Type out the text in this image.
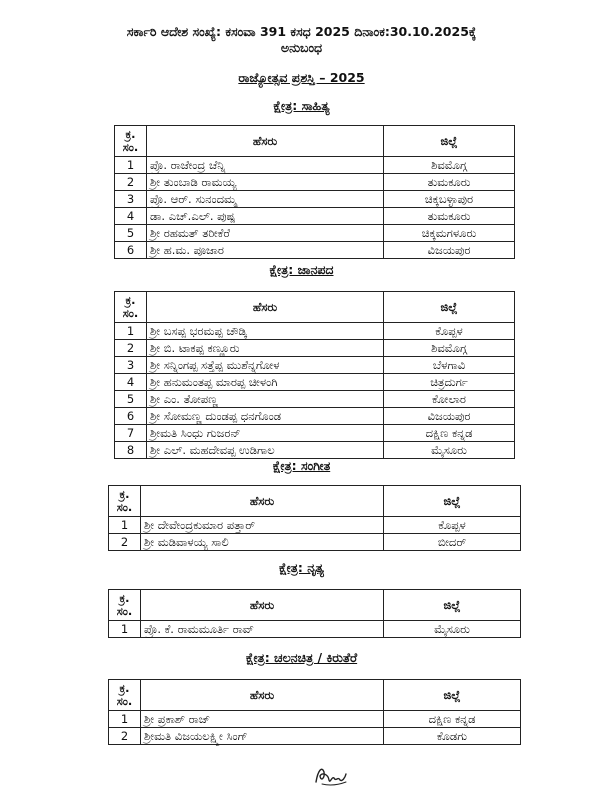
ಸರ್ಕಾರಿ ಆದೇಶ ಸಂಖ್ಯೆ: ಕಸಂವಾ 391 ಕಸಧ 2025 ದಿನಾಂಕ:30.10.2025ಕ್ಕೆ
ಅನುಬಂಧ
ರಾಜ್ಯೋತ್ಸವ ಪ್ರಶಸ್ತಿ – 2025
ಕ್ಷೇತ್ರ: ಸಾಹಿತ್ಯ
ಕ್ರ.
ಸಂ.	ಹೆಸರು	ಜಿಲ್ಲೆ
1	ಪ್ರೊ. ರಾಜೇಂದ್ರ ಚೆನ್ನಿ	ಶಿವಮೊಗ್ಗ
2	ಶ್ರೀ ತುಂಬಾಡಿ ರಾಮಯ್ಯ	ತುಮಕೂರು
3	ಪ್ರೊ. ಆರ್. ಸುನಂದಮ್ಮ	ಚಿಕ್ಕಬಳ್ಳಾಪುರ
4	ಡಾ. ಎಚ್.ಎಲ್. ಪುಷ್ಪ	ತುಮಕೂರು
5	ಶ್ರೀ ರಹಮತ್ ತರೀಕೆರೆ	ಚಿಕ್ಕಮಗಳೂರು
6	ಶ್ರೀ ಹ.ಮ. ಪೂಜಾರ	ವಿಜಯಪುರ
ಕ್ಷೇತ್ರ: ಜಾನಪದ
ಕ್ರ.
ಸಂ.	ಹೆಸರು	ಜಿಲ್ಲೆ
1	ಶ್ರೀ ಬಸಪ್ಪ ಭರಮಪ್ಪ ಚೌಡ್ಕಿ	ಕೊಪ್ಪಳ
2	ಶ್ರೀ ಬಿ. ಟಾಕಪ್ಪ ಕಣ್ಣೂರು	ಶಿವಮೊಗ್ಗ
3	ಶ್ರೀ ಸನ್ನಿಂಗಪ್ಪ ಸತ್ತೆಪ್ಪ ಮುಶೆನ್ನಗೋಳ	ಬೆಳಗಾವಿ
4	ಶ್ರೀ ಹನುಮಂತಪ್ಪ ಮಾರಪ್ಪ ಚೀಳಂಗಿ	ಚಿತ್ರದುರ್ಗ
5	ಶ್ರೀ ಎಂ. ತೋಪಣ್ಣ	ಕೋಲಾರ
6	ಶ್ರೀ ಸೋಮಣ್ಣ ದುಂಡಪ್ಪ ಧನಗೊಂಡ	ವಿಜಯಪುರ
7	ಶ್ರೀಮತಿ ಸಿಂಧು ಗುಜರನ್	ದಕ್ಷಿಣ ಕನ್ನಡ
8	ಶ್ರೀ ಎಲ್. ಮಹದೇವಪ್ಪ ಉಡಿಗಾಲ	ಮೈಸೂರು
ಕ್ಷೇತ್ರ: ಸಂಗೀತ
ಕ್ರ.
ಸಂ.	ಹೆಸರು	ಜಿಲ್ಲೆ
1	ಶ್ರೀ ದೇವೇಂದ್ರಕುಮಾರ ಪತ್ತಾರ್	ಕೊಪ್ಪಳ
2	ಶ್ರೀ ಮಡಿವಾಳಯ್ಯ ಸಾಲಿ	ಬೀದರ್
ಕ್ಷೇತ್ರ: ನೃತ್ಯ
ಕ್ರ.
ಸಂ.	ಹೆಸರು	ಜಿಲ್ಲೆ
1	ಪ್ರೊ. ಕೆ. ರಾಮಮೂರ್ತಿ ರಾವ್	ಮೈಸೂರು
ಕ್ಷೇತ್ರ: ಚಲನಚಿತ್ರ / ಕಿರುತೆರೆ
ಕ್ರ.
ಸಂ.	ಹೆಸರು	ಜಿಲ್ಲೆ
1	ಶ್ರೀ ಪ್ರಕಾಶ್ ರಾಜ್	ದಕ್ಷಿಣ ಕನ್ನಡ
2	ಶ್ರೀಮತಿ ವಿಜಯಲಕ್ಷ್ಮೀ ಸಿಂಗ್	ಕೊಡಗು
